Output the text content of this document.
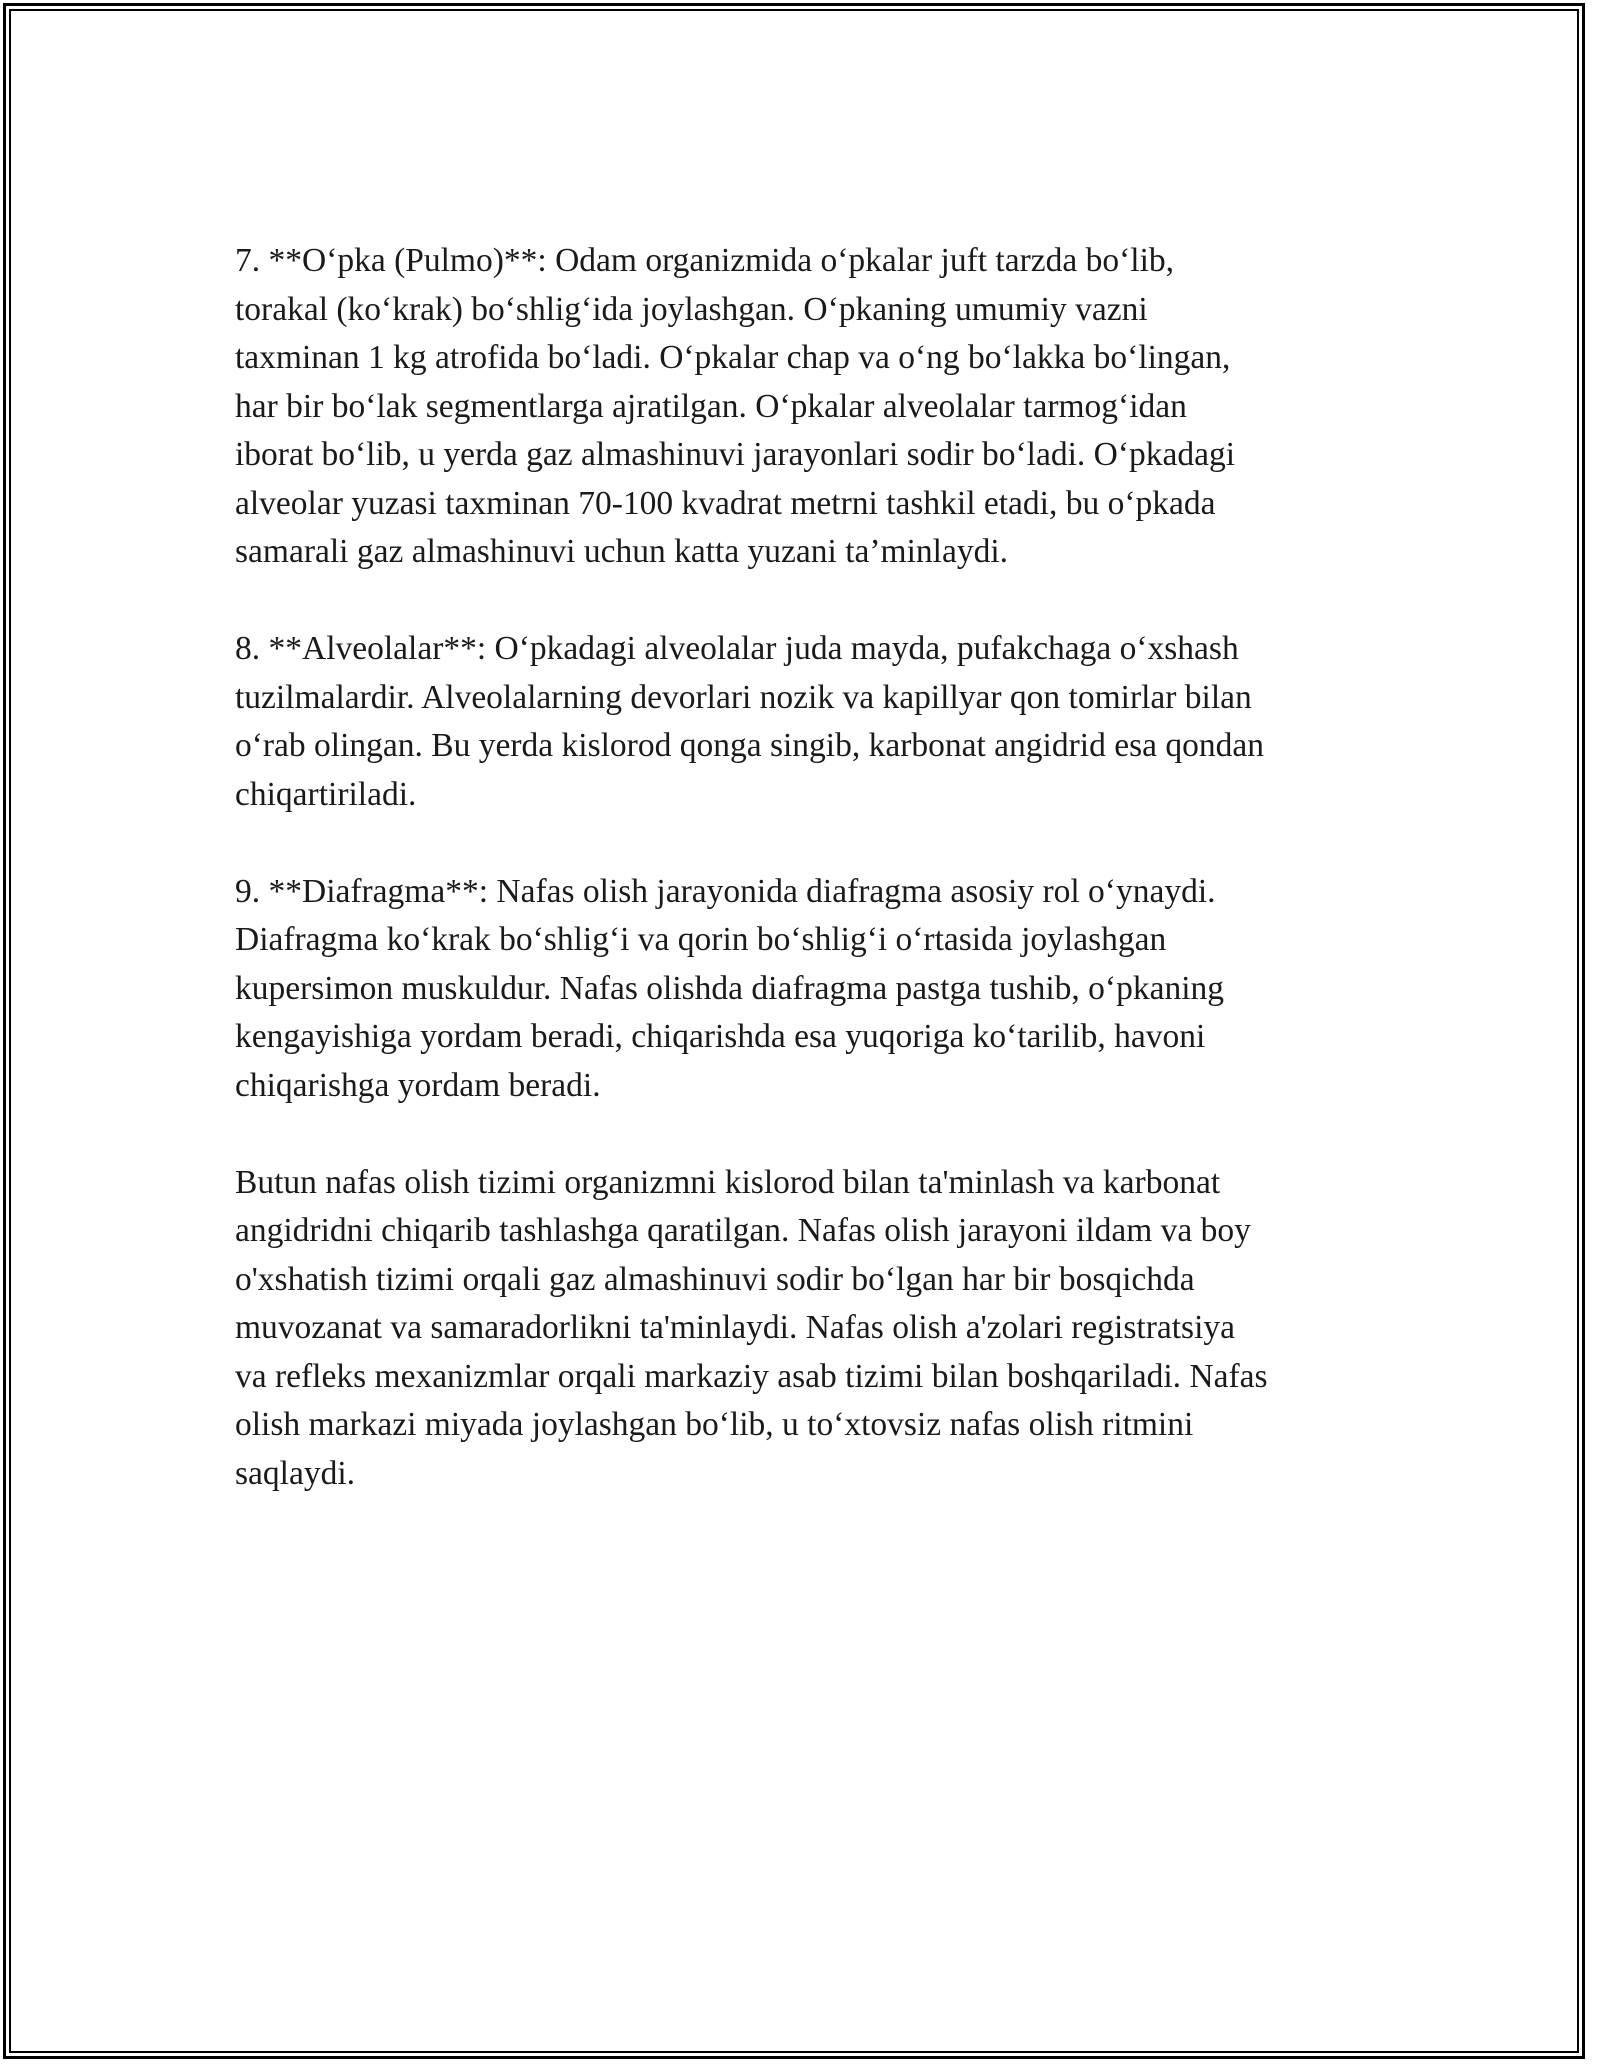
7. **O‘pka (Pulmo)**: Odam organizmida o‘pkalar juft tarzda bo‘lib,
torakal (ko‘krak) bo‘shlig‘ida joylashgan. O‘pkaning umumiy vazni
taxminan 1 kg atrofida bo‘ladi. O‘pkalar chap va o‘ng bo‘lakka bo‘lingan,
har bir bo‘lak segmentlarga ajratilgan. O‘pkalar alveolalar tarmog‘idan
iborat bo‘lib, u yerda gaz almashinuvi jarayonlari sodir bo‘ladi. O‘pkadagi
alveolar yuzasi taxminan 70-100 kvadrat metrni tashkil etadi, bu o‘pkada
samarali gaz almashinuvi uchun katta yuzani ta’minlaydi.

8. **Alveolalar**: O‘pkadagi alveolalar juda mayda, pufakchaga o‘xshash
tuzilmalardir. Alveolalarning devorlari nozik va kapillyar qon tomirlar bilan
o‘rab olingan. Bu yerda kislorod qonga singib, karbonat angidrid esa qondan
chiqartiriladi.

9. **Diafragma**: Nafas olish jarayonida diafragma asosiy rol o‘ynaydi.
Diafragma ko‘krak bo‘shlig‘i va qorin bo‘shlig‘i o‘rtasida joylashgan
kupersimon muskuldur. Nafas olishda diafragma pastga tushib, o‘pkaning
kengayishiga yordam beradi, chiqarishda esa yuqoriga ko‘tarilib, havoni
chiqarishga yordam beradi.

Butun nafas olish tizimi organizmni kislorod bilan ta'minlash va karbonat
angidridni chiqarib tashlashga qaratilgan. Nafas olish jarayoni ildam va boy
o'xshatish tizimi orqali gaz almashinuvi sodir bo‘lgan har bir bosqichda
muvozanat va samaradorlikni ta'minlaydi. Nafas olish a'zolari registratsiya
va refleks mexanizmlar orqali markaziy asab tizimi bilan boshqariladi. Nafas
olish markazi miyada joylashgan bo‘lib, u to‘xtovsiz nafas olish ritmini
saqlaydi.
